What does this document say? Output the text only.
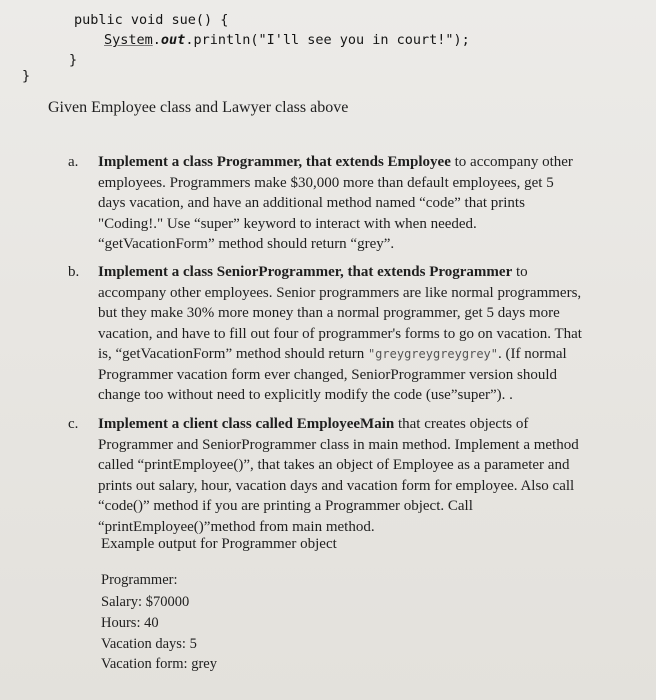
public void sue() {
System.out.println("I'll see you in court!");
}
}

Given Employee class and Lawyer class above

a.	Implement a class Programmer, that extends Employee to accompany other
employees. Programmers make $30,000 more than default employees, get 5
days vacation, and have an additional method named “code” that prints
"Coding!." Use “super” keyword to interact with when needed.
“getVacationForm” method should return “grey”.
b.	Implement a class SeniorProgrammer, that extends Programmer to
accompany other employees. Senior programmers are like normal programmers,
but they make 30% more money than a normal programmer, get 5 days more
vacation, and have to fill out four of programmer's forms to go on vacation. That
is, “getVacationForm” method should return "greygreygreygrey". (If normal
Programmer vacation form ever changed, SeniorProgrammer version should
change too without need to explicitly modify the code (use”super”). .
c.	Implement a client class called EmployeeMain that creates objects of
Programmer and SeniorProgrammer class in main method. Implement a method
called “printEmployee()”, that takes an object of Employee as a parameter and
prints out salary, hour, vacation days and vacation form for employee. Also call
“code()” method if you are printing a Programmer object. Call
“printEmployee()”method from main method.

Example output for Programmer object

Programmer:

Salary: $70000

Hours: 40

Vacation days: 5

Vacation form: grey
